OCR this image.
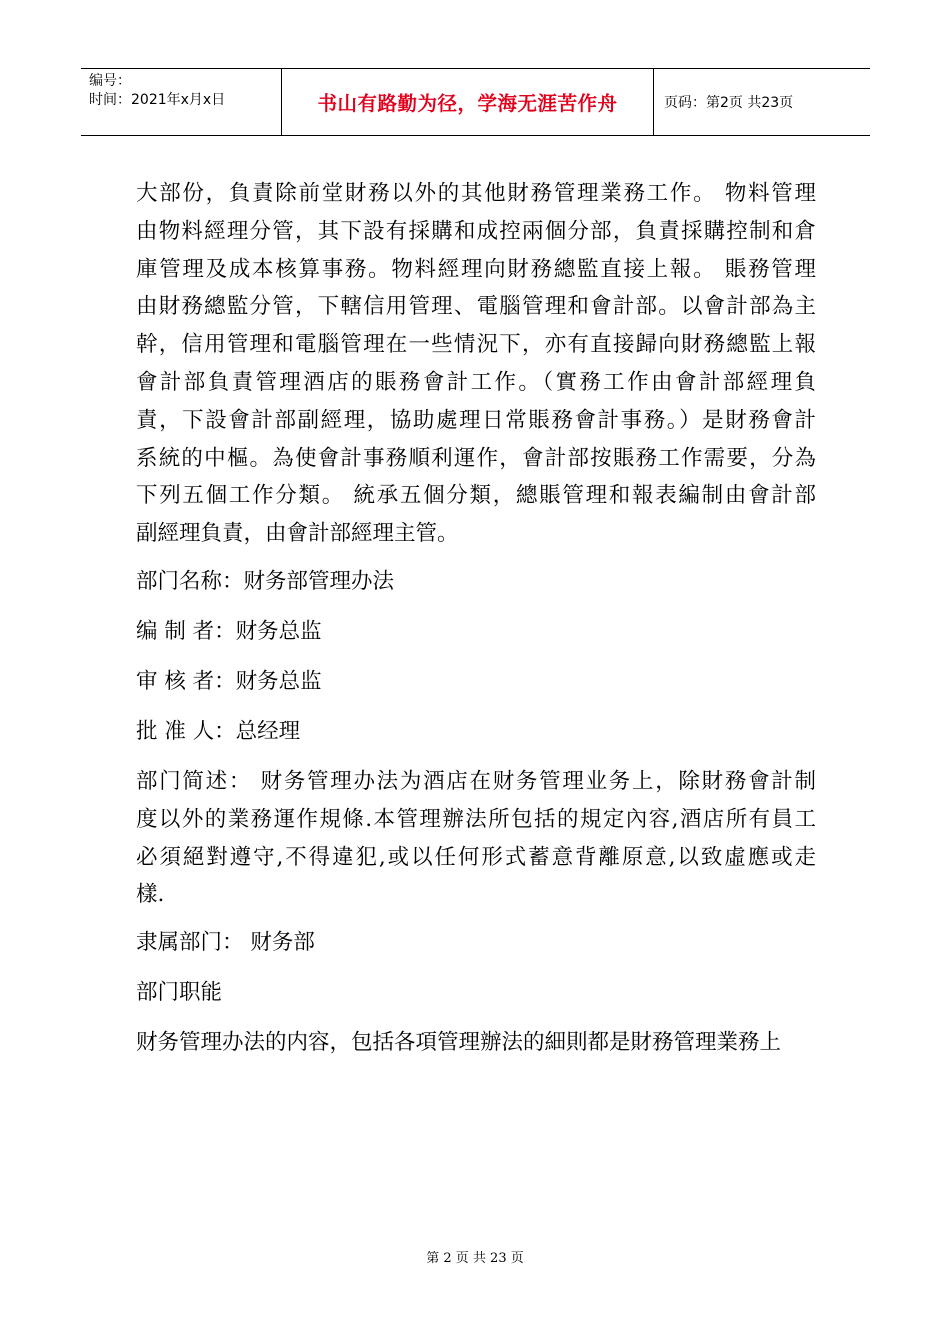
编号：
时间：2021年x月x日	书山有路勤为径，学海无涯苦作舟	页码：第2页 共23页

大部份，負責除前堂財務以外的其他財務管理業務工作。 物料管理
由物料經理分管，其下設有採購和成控兩個分部，負責採購控制和倉
庫管理及成本核算事務。物料經理向財務總監直接上報。 賬務管理
由財務總監分管，下轄信用管理、電腦管理和會計部。以會計部為主
幹，信用管理和電腦管理在一些情況下，亦有直接歸向財務總監上報
會計部負責管理酒店的賬務會計工作。（實務工作由會計部經理負
責，下設會計部副經理，協助處理日常賬務會計事務。）是財務會計
系統的中樞。為使會計事務順利運作，會計部按賬務工作需要，分為
下列五個工作分類。 統承五個分類，總賬管理和報表編制由會計部
副經理負責，由會計部經理主管。

部门名称：财务部管理办法

编 制 者：财务总监

审 核 者：财务总监

批 准 人：总经理

部门简述： 财务管理办法为酒店在财务管理业务上，除財務會計制
度以外的業務運作規條.本管理辦法所包括的規定內容,酒店所有員工
必須絕對遵守,不得違犯,或以任何形式蓄意背離原意,以致虛應或走
樣.

隶属部门： 财务部

部门职能

财务管理办法的内容，包括各項管理辦法的細則都是財務管理業務上

第 2 页 共 23 页
